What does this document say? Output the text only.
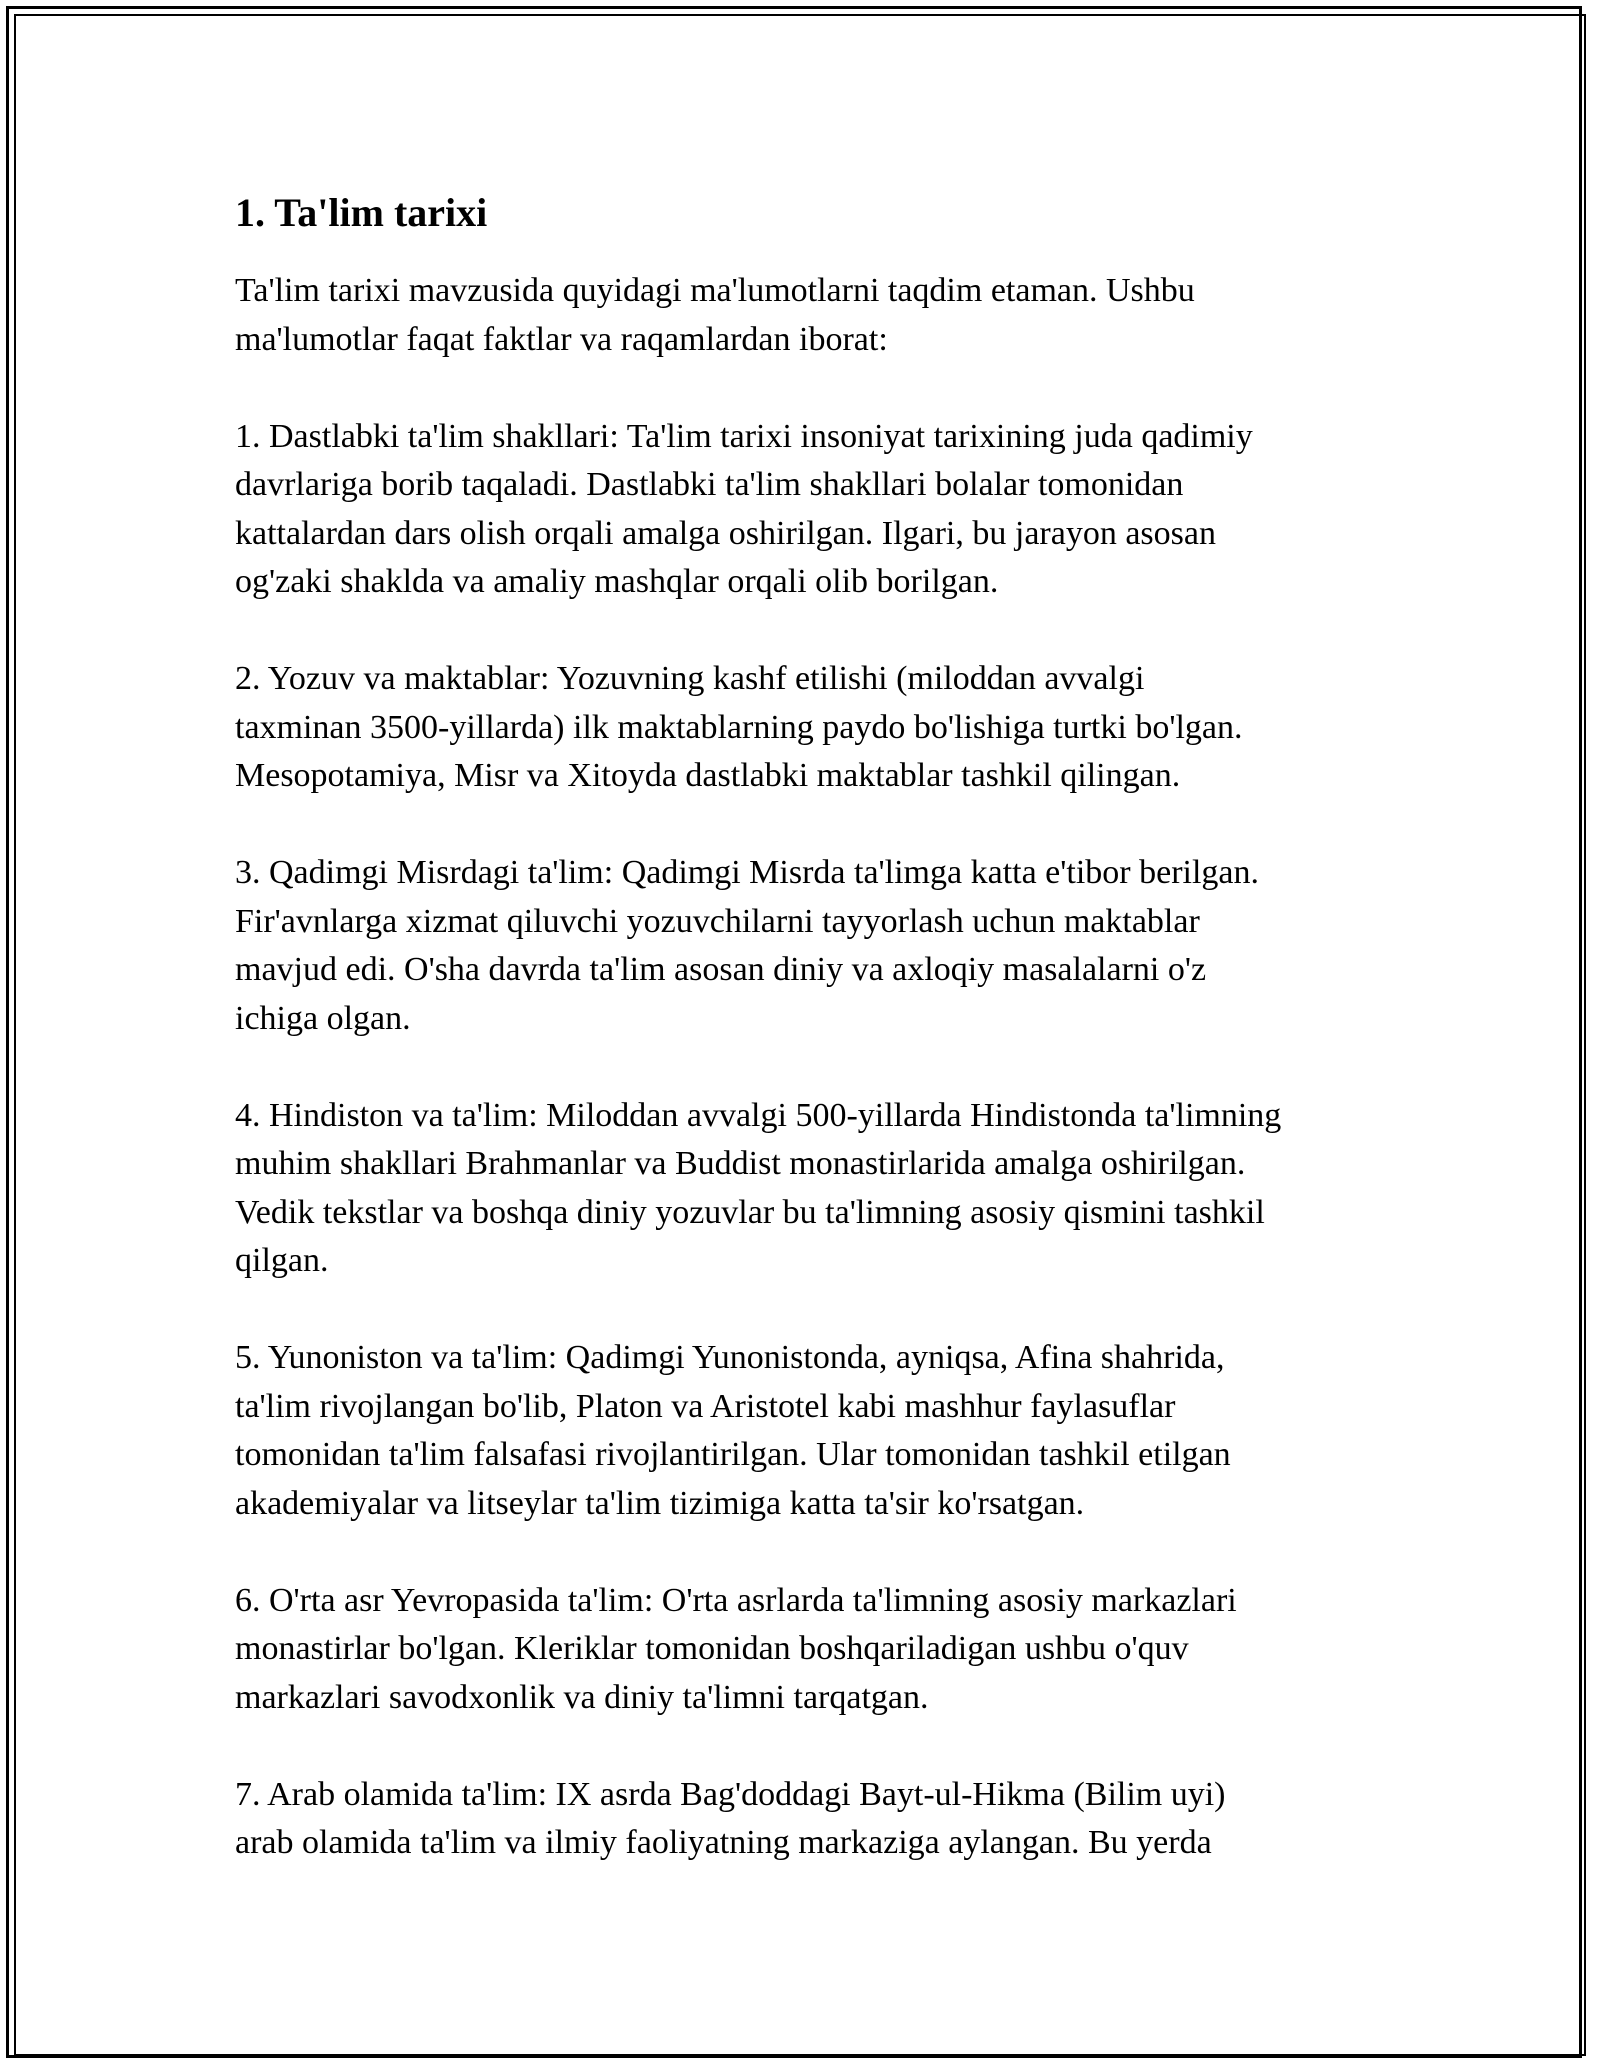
1. Ta'lim tarixi

Ta'lim tarixi mavzusida quyidagi ma'lumotlarni taqdim etaman. Ushbu
ma'lumotlar faqat faktlar va raqamlardan iborat:

1. Dastlabki ta'lim shakllari: Ta'lim tarixi insoniyat tarixining juda qadimiy
davrlariga borib taqaladi. Dastlabki ta'lim shakllari bolalar tomonidan
kattalardan dars olish orqali amalga oshirilgan. Ilgari, bu jarayon asosan
og'zaki shaklda va amaliy mashqlar orqali olib borilgan.

2. Yozuv va maktablar: Yozuvning kashf etilishi (miloddan avvalgi
taxminan 3500-yillarda) ilk maktablarning paydo bo'lishiga turtki bo'lgan.
Mesopotamiya, Misr va Xitoyda dastlabki maktablar tashkil qilingan.

3. Qadimgi Misrdagi ta'lim: Qadimgi Misrda ta'limga katta e'tibor berilgan.
Fir'avnlarga xizmat qiluvchi yozuvchilarni tayyorlash uchun maktablar
mavjud edi. O'sha davrda ta'lim asosan diniy va axloqiy masalalarni o'z
ichiga olgan.

4. Hindiston va ta'lim: Miloddan avvalgi 500-yillarda Hindistonda ta'limning
muhim shakllari Brahmanlar va Buddist monastirlarida amalga oshirilgan.
Vedik tekstlar va boshqa diniy yozuvlar bu ta'limning asosiy qismini tashkil
qilgan.

5. Yunoniston va ta'lim: Qadimgi Yunonistonda, ayniqsa, Afina shahrida,
ta'lim rivojlangan bo'lib, Platon va Aristotel kabi mashhur faylasuflar
tomonidan ta'lim falsafasi rivojlantirilgan. Ular tomonidan tashkil etilgan
akademiyalar va litseylar ta'lim tizimiga katta ta'sir ko'rsatgan.

6. O'rta asr Yevropasida ta'lim: O'rta asrlarda ta'limning asosiy markazlari
monastirlar bo'lgan. Kleriklar tomonidan boshqariladigan ushbu o'quv
markazlari savodxonlik va diniy ta'limni tarqatgan.

7. Arab olamida ta'lim: IX asrda Bag'doddagi Bayt-ul-Hikma (Bilim uyi)
arab olamida ta'lim va ilmiy faoliyatning markaziga aylangan. Bu yerda
